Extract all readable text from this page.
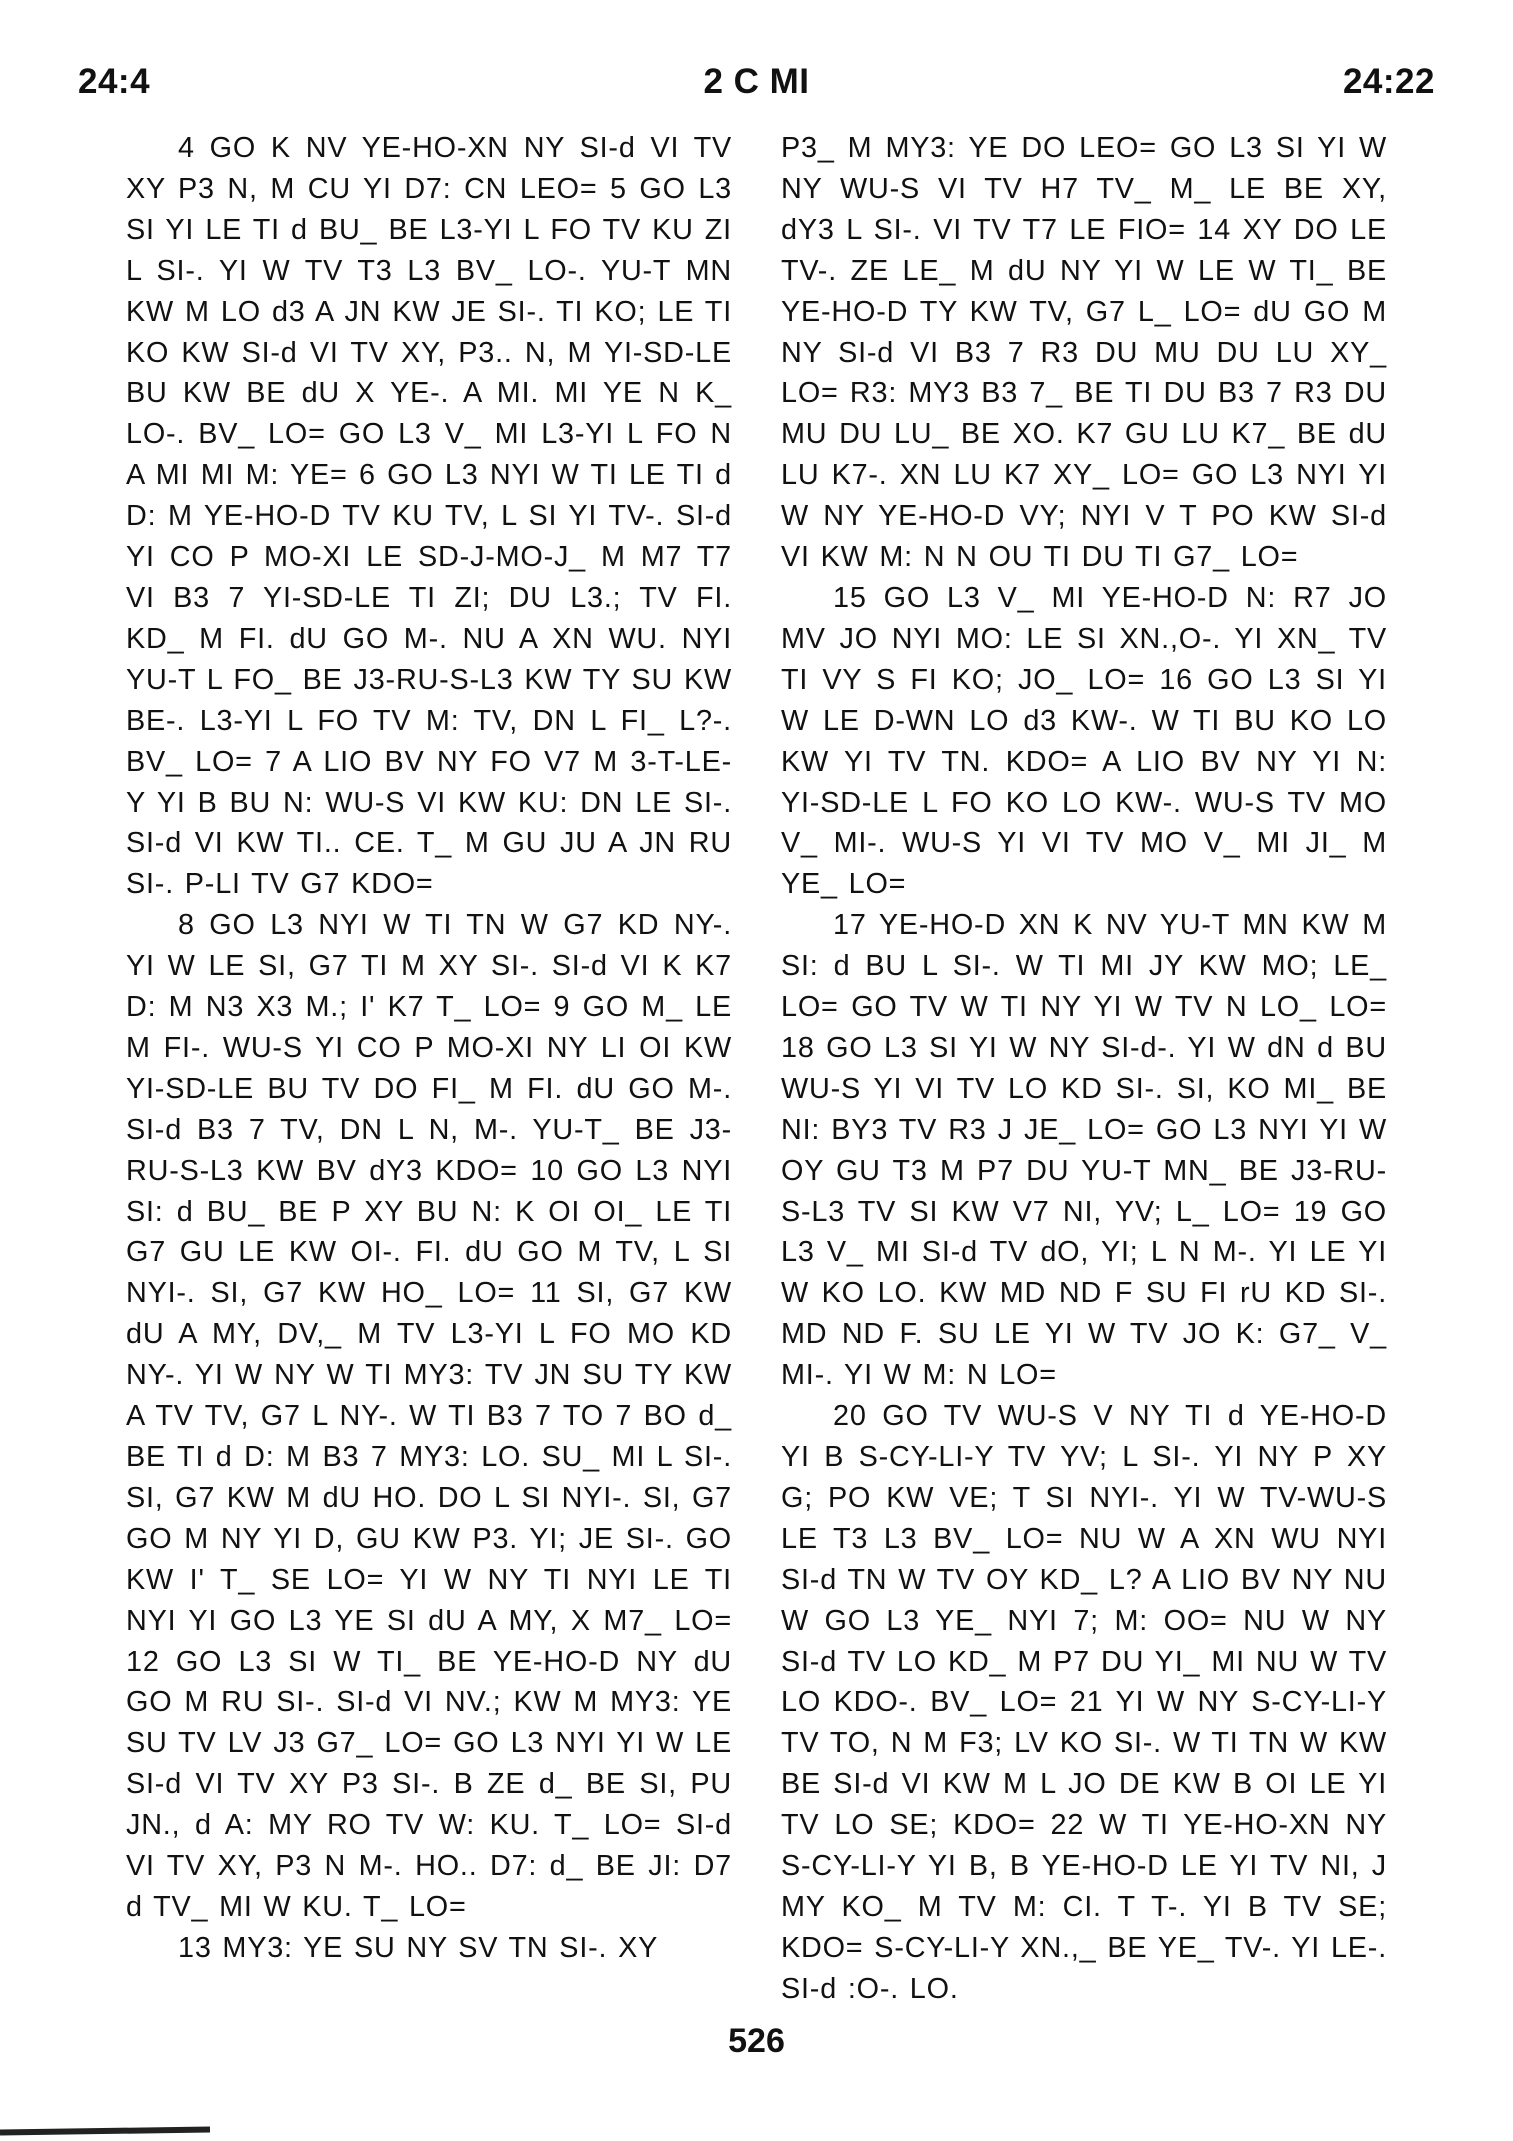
24:4	2 C MI	24:22

4 GO K NV YE-HO-XN NY SI-d VI TV XY P3 N, M CU YI D7: CN LEO= 5 GO L3 SI YI LE TI d BU_ BE L3-YI L FO TV KU ZI L SI-. YI W TV T3 L3 BV_ LO-. YU-T MN KW M LO d3 A JN KW JE SI-. TI KO; LE TI KO KW SI-d VI TV XY, P3.. N, M YI-SD-LE BU KW BE dU X YE-. A MI. MI YE N K_ LO-. BV_ LO= GO L3 V_ MI L3-YI L FO N A MI MI M: YE= 6 GO L3 NYI W TI LE TI d D: M YE-HO-D TV KU TV, L SI YI TV-. SI-d YI CO P MO-XI LE SD-J-MO-J_ M M7 T7 VI B3 7 YI-SD-LE TI ZI; DU L3.; TV FI. KD_ M FI. dU GO M-. NU A XN WU. NYI YU-T L FO_ BE J3-RU-S-L3 KW TY SU KW BE-. L3-YI L FO TV M: TV, DN L FI_ L?-. BV_ LO= 7 A LIO BV NY FO V7 M 3-T-LE-Y YI B BU N: WU-S VI KW KU: DN LE SI-. SI-d VI KW TI.. CE. T_ M GU JU A JN RU SI-. P-LI TV G7 KDO=

8 GO L3 NYI W TI TN W G7 KD NY-. YI W LE SI, G7 TI M XY SI-. SI-d VI K K7 D: M N3 X3 M.; I' K7 T_ LO= 9 GO M_ LE M FI-. WU-S YI CO P MO-XI NY LI OI KW YI-SD-LE BU TV DO FI_ M FI. dU GO M-. SI-d B3 7 TV, DN L N, M-. YU-T_ BE J3-RU-S-L3 KW BV dY3 KDO= 10 GO L3 NYI SI: d BU_ BE P XY BU N: K OI OI_ LE TI G7 GU LE KW OI-. FI. dU GO M TV, L SI NYI-. SI, G7 KW HO_ LO= 11 SI, G7 KW dU A MY, DV,_ M TV L3-YI L FO MO KD NY-. YI W NY W TI MY3: TV JN SU TY KW A TV TV, G7 L NY-. W TI B3 7 TO 7 BO d_ BE TI d D: M B3 7 MY3: LO. SU_ MI L SI-. SI, G7 KW M dU HO. DO L SI NYI-. SI, G7 GO M NY YI D, GU KW P3. YI; JE SI-. GO KW I' T_ SE LO= YI W NY TI NYI LE TI NYI YI GO L3 YE SI dU A MY, X M7_ LO= 12 GO L3 SI W TI_ BE YE-HO-D NY dU GO M RU SI-. SI-d VI NV.; KW M MY3: YE SU TV LV J3 G7_ LO= GO L3 NYI YI W LE SI-d VI TV XY P3 SI-. B ZE d_ BE SI, PU JN., d A: MY RO TV W: KU. T_ LO= SI-d VI TV XY, P3 N M-. HO.. D7: d_ BE JI: D7 d TV_ MI W KU. T_ LO=

13 MY3: YE SU NY SV TN SI-. XY

P3_ M MY3: YE DO LEO= GO L3 SI YI W NY WU-S VI TV H7 TV_ M_ LE BE XY, dY3 L SI-. VI TV T7 LE FIO= 14 XY DO LE TV-. ZE LE_ M dU NY YI W LE W TI_ BE YE-HO-D TY KW TV, G7 L_ LO= dU GO M NY SI-d VI B3 7 R3 DU MU DU LU XY_ LO= R3: MY3 B3 7_ BE TI DU B3 7 R3 DU MU DU LU_ BE XO. K7 GU LU K7_ BE dU LU K7-. XN LU K7 XY_ LO= GO L3 NYI YI W NY YE-HO-D VY; NYI V T PO KW SI-d VI KW M: N N OU TI DU TI G7_ LO=

15 GO L3 V_ MI YE-HO-D N: R7 JO MV JO NYI MO: LE SI XN.,O-. YI XN_ TV TI VY S FI KO; JO_ LO= 16 GO L3 SI YI W LE D-WN LO d3 KW-. W TI BU KO LO KW YI TV TN. KDO= A LIO BV NY YI N: YI-SD-LE L FO KO LO KW-. WU-S TV MO V_ MI-. WU-S YI VI TV MO V_ MI JI_ M YE_ LO=

17 YE-HO-D XN K NV YU-T MN KW M SI: d BU L SI-. W TI MI JY KW MO; LE_ LO= GO TV W TI NY YI W TV N LO_ LO= 18 GO L3 SI YI W NY SI-d-. YI W dN d BU WU-S YI VI TV LO KD SI-. SI, KO MI_ BE NI: BY3 TV R3 J JE_ LO= GO L3 NYI YI W OY GU T3 M P7 DU YU-T MN_ BE J3-RU-S-L3 TV SI KW V7 NI, YV; L_ LO= 19 GO L3 V_ MI SI-d TV dO, YI; L N M-. YI LE YI W KO LO. KW MD ND F SU FI rU KD SI-. MD ND F. SU LE YI W TV JO K: G7_ V_ MI-. YI W M: N LO=

20 GO TV WU-S V NY TI d YE-HO-D YI B S-CY-LI-Y TV YV; L SI-. YI NY P XY G; PO KW VE; T SI NYI-. YI W TV-WU-S LE T3 L3 BV_ LO= NU W A XN WU NYI SI-d TN W TV OY KD_ L? A LIO BV NY NU W GO L3 YE_ NYI 7; M: OO= NU W NY SI-d TV LO KD_ M P7 DU YI_ MI NU W TV LO KDO-. BV_ LO= 21 YI W NY S-CY-LI-Y TV TO, N M F3; LV KO SI-. W TI TN W KW BE SI-d VI KW M L JO DE KW B OI LE YI TV LO SE; KDO= 22 W TI YE-HO-XN NY S-CY-LI-Y YI B, B YE-HO-D LE YI TV NI, J MY KO_ M TV M: CI. T T-. YI B TV SE; KDO= S-CY-LI-Y XN.,_ BE YE_ TV-. YI LE-. SI-d :O-. LO.

526
